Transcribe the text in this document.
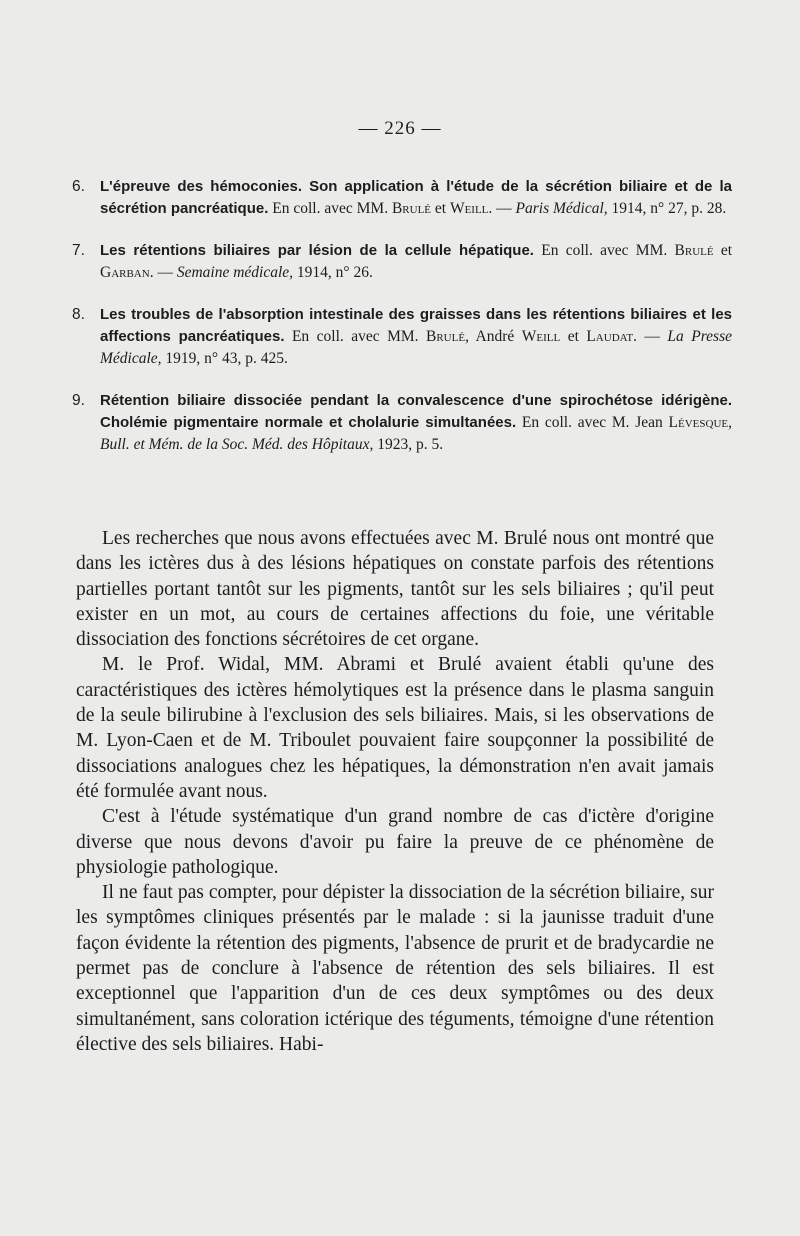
— 226 —
6.	L'épreuve des hémoconies. Son application à l'étude de la sécrétion biliaire et de la sécrétion pancréatique. En coll. avec MM. Brulé et Weill. — Paris Médical, 1914, n° 27, p. 28.
7.	Les rétentions biliaires par lésion de la cellule hépatique. En coll. avec MM. Brulé et Garban. — Semaine médicale, 1914, n° 26.
8.	Les troubles de l'absorption intestinale des graisses dans les rétentions biliaires et les affections pancréatiques. En coll. avec MM. Brulé, André Weill et Laudat. — La Presse Médicale, 1919, n° 43, p. 425.
9.	Rétention biliaire dissociée pendant la convalescence d'une spirochétose idérigène. Cholémie pigmentaire normale et cholalurie simultanées. En coll. avec M. Jean Lévesque, Bull. et Mém. de la Soc. Méd. des Hôpitaux, 1923, p. 5.

Les recherches que nous avons effectuées avec M. Brulé nous ont montré que dans les ictères dus à des lésions hépatiques on constate parfois des rétentions partielles portant tantôt sur les pigments, tantôt sur les sels biliaires ; qu'il peut exister en un mot, au cours de certaines affections du foie, une véritable dissociation des fonctions sécrétoires de cet organe.

M. le Prof. Widal, MM. Abrami et Brulé avaient établi qu'une des caractéristiques des ictères hémolytiques est la présence dans le plasma sanguin de la seule bilirubine à l'exclusion des sels biliaires. Mais, si les observations de M. Lyon-Caen et de M. Triboulet pouvaient faire soupçonner la possibilité de dissociations analogues chez les hépatiques, la démonstration n'en avait jamais été formulée avant nous.

C'est à l'étude systématique d'un grand nombre de cas d'ictère d'origine diverse que nous devons d'avoir pu faire la preuve de ce phénomène de physiologie pathologique.

Il ne faut pas compter, pour dépister la dissociation de la sécrétion biliaire, sur les symptômes cliniques présentés par le malade : si la jaunisse traduit d'une façon évidente la rétention des pigments, l'absence de prurit et de bradycardie ne permet pas de conclure à l'absence de rétention des sels biliaires. Il est exceptionnel que l'apparition d'un de ces deux symptômes ou des deux simultanément, sans coloration ictérique des téguments, témoigne d'une rétention élective des sels biliaires. Habi-
